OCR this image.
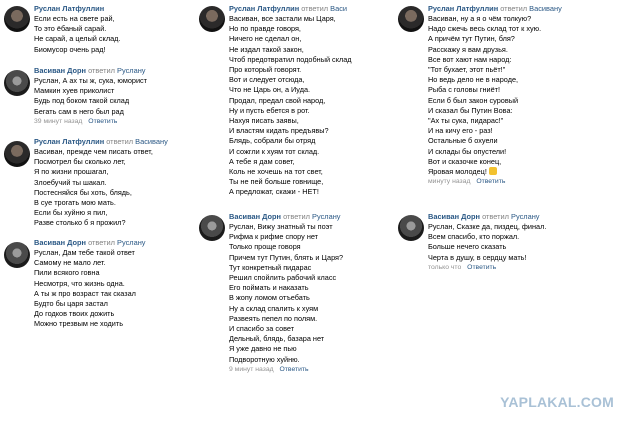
Руслан Латфуллин
Если есть на свете рай,
То это ёбаный сарай.
Не сарай, а целый склад.
Биомусор очень рад!
Васиван Дорн ответил Руслану
Руслан, А ах ты ж, сука, юморист
Мамкин хуев приколист
Будь под боком такой склад
Бегать сам в него был рад
39 минут назад Ответить
Руслан Латфуллин ответил Васивану
Васиван, прежде чем писать ответ,
Посмотрел бы сколько лет,
Я по жизни прошагал,
Злоебучий ты шакал.
Постесняйся бы хоть, блядь,
В суе трогать мою мать.
Если бы хуйню я пил,
Разве столько б я прожил?
Васиван Дорн ответил Руслану
Руслан, Дам тебе такой ответ
Самому не мало лет.
Пили всякого говна
Несмотря, что жизнь одна.
А ты ж про возраст так сказал
Будто бы царя застал
До годков твоих дожить
Можно трезвым не ходить
Руслан Латфуллин ответил Васи
Васиван, все застали мы Царя,
Но по правде говоря,
Ничего не сделал он,
Не издал такой закон,
Чтоб предотвратил подобный склад
Про который говорят.
Вот и следует отсюда,
Что не Царь он, а Иуда.
Продал, предал свой народ,
Ну и пусть ебется в рот.
Нахуя писать заявы,
И властям кидать предъявы?
Блядь, собрали бы отряд
И сожгли к хуям тот склад.
А тебе я дам совет,
Коль не хочешь на тот свет,
Ты не пей больше говнище,
А предложат, скажи - НЕТ!
Васиван Дорн ответил Руслану
Руслан, Вижу знатный ты поэт
Рифма к рифме спору нет
Только проще говоря
Причем тут Путин, блять и Царя?
Тут конкретный пидарас
Решил спойлить рабочий класс
Его поймать и наказать
В жопу ломом отъебать
Ну а склад спалить к хуям
Развеять пепел по полям.
И спасибо за совет
Дельный, блядь, базара нет
Я уже давно не пью
Подворотную хуйню.
9 минут назад Ответить
Руслан Латфуллин ответил Васивану
Васиван, ну а я о чём толкую?
Надо сжечь весь склад тот к хую.
А причём тут Путин, бля?
Расскажу я вам друзья.
Все вот хают нам народ:
"Тот бухает, этот пьёт!"
Но ведь дело не в народе,
Рыба с головы гниёт!
Если б был закон суровый
И сказал бы Путин Вова:
"Ах ты сука, пидарас!"
И на кичу его - раз!
Остальные б охуели
И склады бы опустели!
Вот и сказочке конец,
Яровая молодец!
минуту назад Ответить
Васиван Дорн ответил Руслану
Руслан, Сказке да, пиздец, финал.
Всем спасибо, кто поржал.
Больше нечего сказать
Черта в душу, в сердцу мать!
только что Ответить
YAPLAKAL.COM
